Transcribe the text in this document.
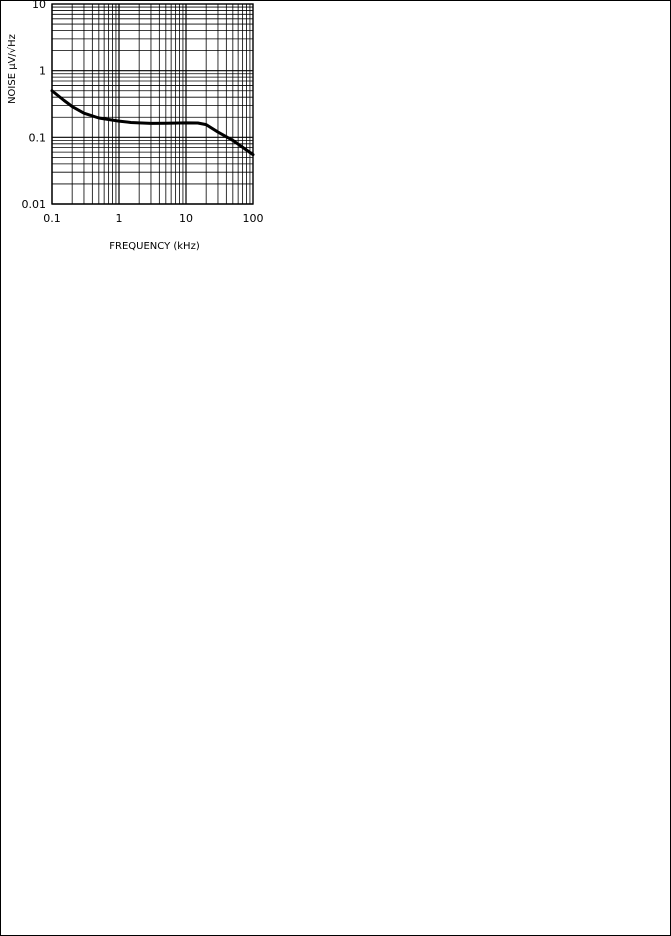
0.1	1	10	100
10
1
0.1
0.01
FREQUENCY (kHz)
NOISE μV/√Hz
